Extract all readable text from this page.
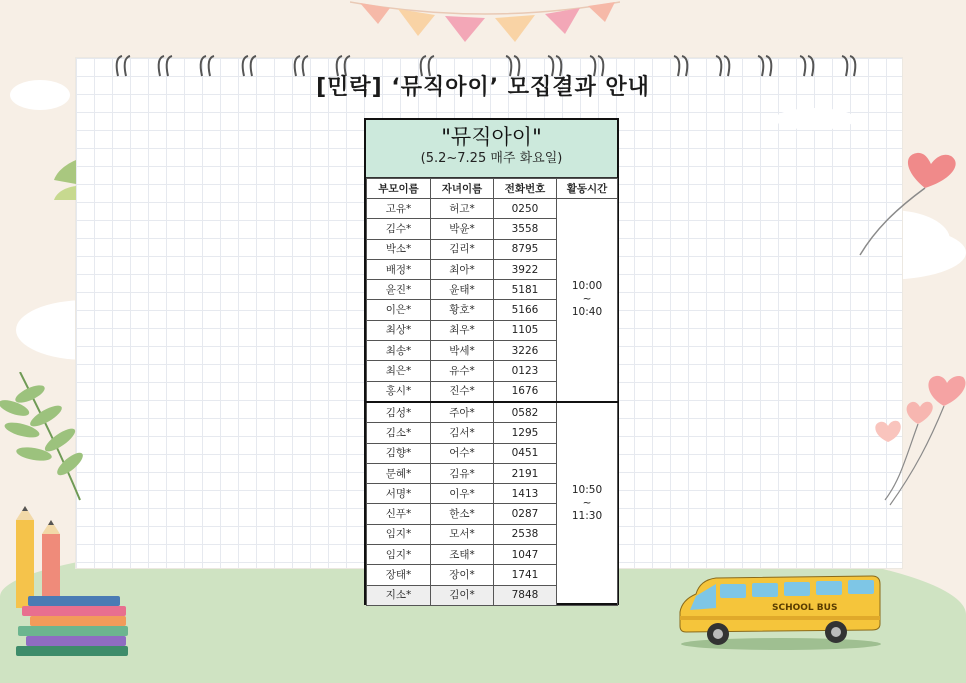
[민락] ‘뮤직아이’ 모집결과 안내
"뮤직아이"
(5.2~7.25 매주 화요일)
부모이름	자녀이름	전화번호	활동시간
고유*	허고*	0250	10:00
~
10:40

김수*	박윤*	3558	
박소*	김리*	8795	
배정*	최아*	3922	
윤진*	윤태*	5181	
이은*	황호*	5166	
최상*	최우*	1105	
최송*	박세*	3226	
최은*	유수*	0123	
홍시*	진수*	1676	
김성*	주아*	0582	10:50
~
11:30

김소*	김서*	1295	
김향*	어수*	0451	
문혜*	김유*	2191	
서명*	이우*	1413	
신푸*	한소*	0287	
임지*	모서*	2538	
임지*	조태*	1047	
장태*	장이*	1741	
지소*	김이*	7848	
SCHOOL BUS
